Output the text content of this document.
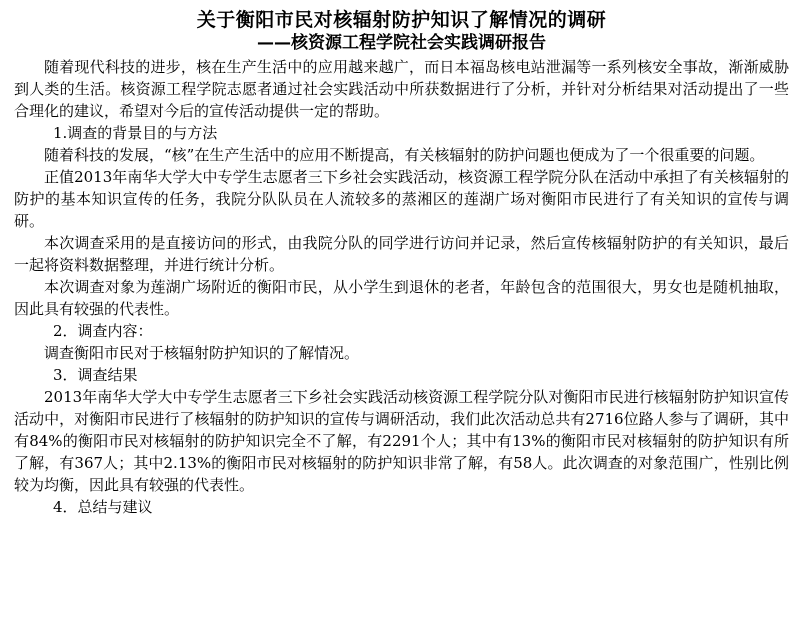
关于衡阳市民对核辐射防护知识了解情况的调研
——核资源工程学院社会实践调研报告

随着现代科技的进步，核在生产生活中的应用越来越广，而日本福岛核电站泄漏等一系列核安全事故，渐渐威胁到人类的生活。核资源工程学院志愿者通过社会实践活动中所获数据进行了分析，并针对分析结果对活动提出了一些合理化的建议，希望对今后的宣传活动提供一定的帮助。

1.调查的背景目的与方法

随着科技的发展，“核”在生产生活中的应用不断提高，有关核辐射的防护问题也便成为了一个很重要的问题。

正值2013年南华大学大中专学生志愿者三下乡社会实践活动，核资源工程学院分队在活动中承担了有关核辐射的防护的基本知识宣传的任务，我院分队队员在人流较多的蒸湘区的莲湖广场对衡阳市民进行了有关知识的宣传与调研。

本次调查采用的是直接访问的形式，由我院分队的同学进行访问并记录，然后宣传核辐射防护的有关知识，最后一起将资料数据整理，并进行统计分析。

本次调查对象为莲湖广场附近的衡阳市民，从小学生到退休的老者，年龄包含的范围很大，男女也是随机抽取，因此具有较强的代表性。

2．调查内容：

调查衡阳市民对于核辐射防护知识的了解情况。

3．调查结果

2013年南华大学大中专学生志愿者三下乡社会实践活动核资源工程学院分队对衡阳市民进行核辐射防护知识宣传活动中，对衡阳市民进行了核辐射的防护知识的宣传与调研活动，我们此次活动总共有2716位路人参与了调研，其中有84%的衡阳市民对核辐射的防护知识完全不了解，有2291个人；其中有13%的衡阳市民对核辐射的防护知识有所了解，有367人；其中2.13%的衡阳市民对核辐射的防护知识非常了解，有58人。此次调查的对象范围广，性别比例较为均衡，因此具有较强的代表性。

4．总结与建议
